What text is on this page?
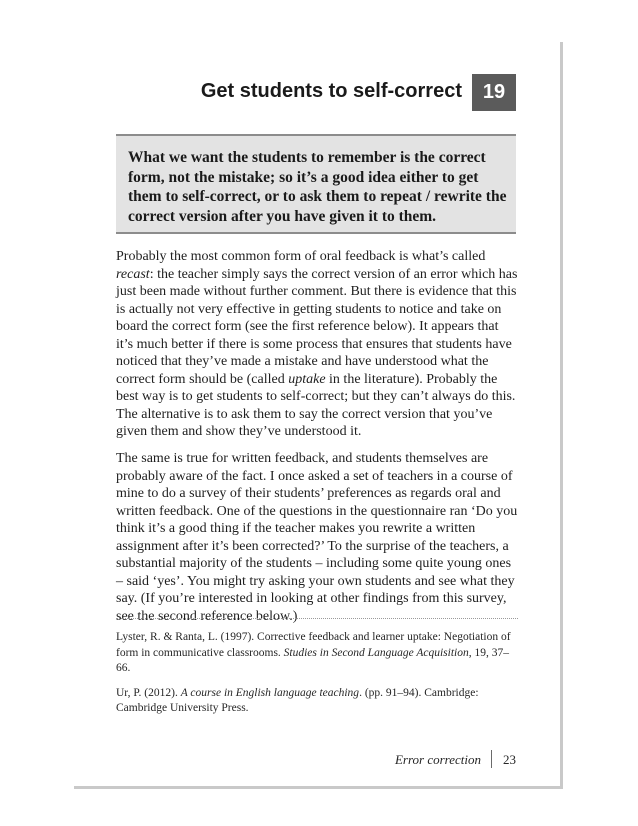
Get students to self-correct	19

What we want the students to remember is the correct form, not the mistake; so it’s a good idea either to get them to self-correct, or to ask them to repeat / rewrite the correct version after you have given it to them.

Probably the most common form of oral feedback is what’s called recast: the teacher simply says the correct version of an error which has just been made without further comment. But there is evidence that this is actually not very effective in getting students to notice and take on board the correct form (see the first reference below). It appears that it’s much better if there is some process that ensures that students have noticed that they’ve made a mistake and have understood what the correct form should be (called uptake in the literature). Probably the best way is to get students to self-correct; but they can’t always do this. The alternative is to ask them to say the correct version that you’ve given them and show they’ve understood it.

The same is true for written feedback, and students themselves are probably aware of the fact. I once asked a set of teachers in a course of mine to do a survey of their students’ preferences as regards oral and written feedback. One of the questions in the questionnaire ran ‘Do you think it’s a good thing if the teacher makes you rewrite a written assignment after it’s been corrected?’ To the surprise of the teachers, a substantial majority of the students – including some quite young ones – said ‘yes’. You might try asking your own students and see what they say. (If you’re interested in looking at other findings from this survey, see the second reference below.)

Lyster, R. & Ranta, L. (1997). Corrective feedback and learner uptake: Negotiation of form in communicative classrooms. Studies in Second Language Acquisition, 19, 37–66.

Ur, P. (2012). A course in English language teaching. (pp. 91–94). Cambridge: Cambridge University Press.

Error correction 23
